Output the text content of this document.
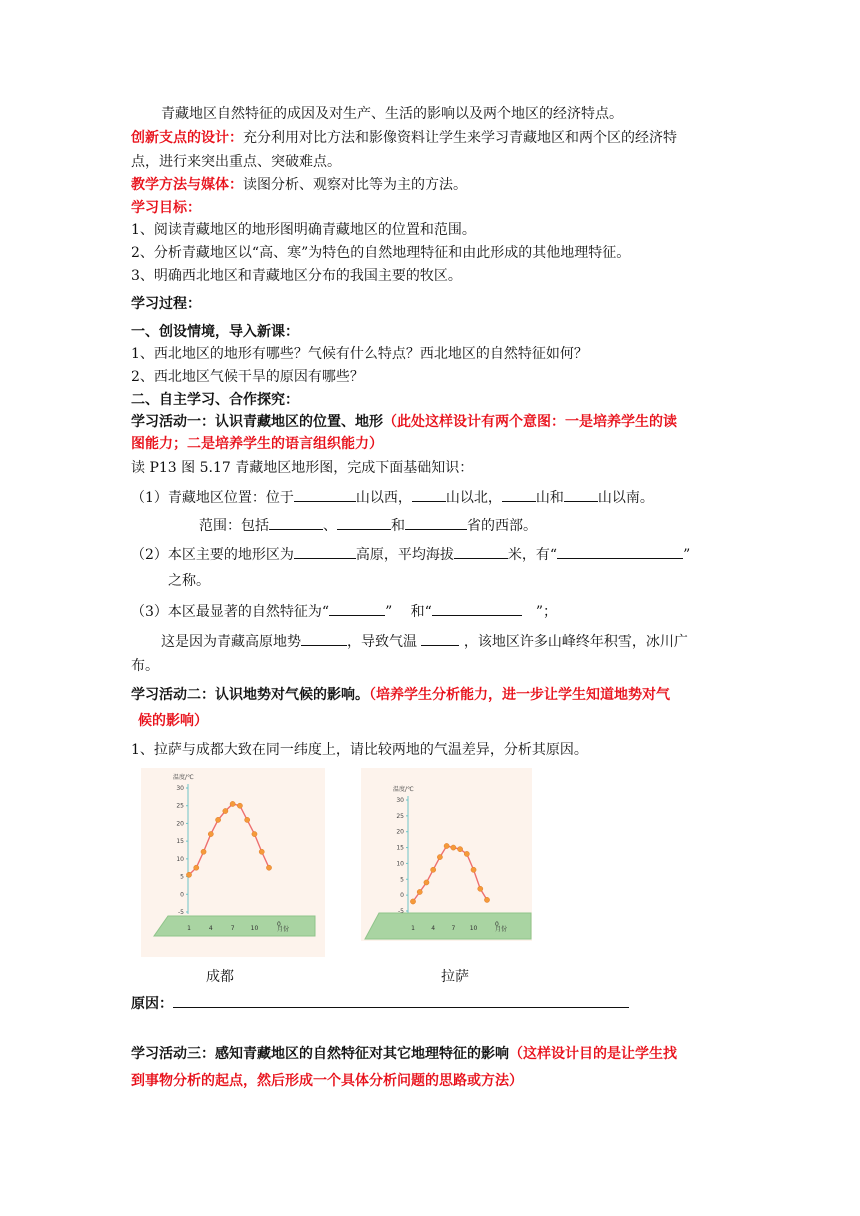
青藏地区自然特征的成因及对生产、生活的影响以及两个地区的经济特点。
创新支点的设计：充分利用对比方法和影像资料让学生来学习青藏地区和两个区的经济特
点，进行来突出重点、突破难点。
教学方法与媒体：读图分析、观察对比等为主的方法。
学习目标：
1、阅读青藏地区的地形图明确青藏地区的位置和范围。
2、分析青藏地区以“高、寒”为特色的自然地理特征和由此形成的其他地理特征。
3、明确西北地区和青藏地区分布的我国主要的牧区。
学习过程：
一、创设情境，导入新课：
1、西北地区的地形有哪些？气候有什么特点？西北地区的自然特征如何？
2、西北地区气候干旱的原因有哪些？
二、自主学习、合作探究：
学习活动一：认识青藏地区的位置、地形（此处这样设计有两个意图：一是培养学生的读
图能力；二是培养学生的语言组织能力）
读 P13 图 5.17 青藏地区地形图，完成下面基础知识：
（1）青藏地区位置：位于	山以西， 山以北， 山和 山以南。
范围：包括	、	和	省的西部。
（2）本区主要的地形区为	高原，平均海拔	米，有“	”
之称。
（3）本区最显著的自然特征为“	”　 和“	　”；
这是因为青藏高原地势	，导致气温	，该地区许多山峰终年积雪，冰川广
布。
学习活动二：认识地势对气候的影响。（培养学生分析能力，进一步让学生知道地势对气
候的影响）
1、拉萨与成都大致在同一纬度上，请比较两地的气温差异，分析其原因。
温度/℃
30
25
20
15
10
5
0
-5
1	4	7	10
0
月份
温度/℃
30
25
20
15
10
5
0
-5
1	4	7 10
0
月份
成都	拉萨
原因：
学习活动三：感知青藏地区的自然特征对其它地理特征的影响（这样设计目的是让学生找
到事物分析的起点，然后形成一个具体分析问题的思路或方法）
